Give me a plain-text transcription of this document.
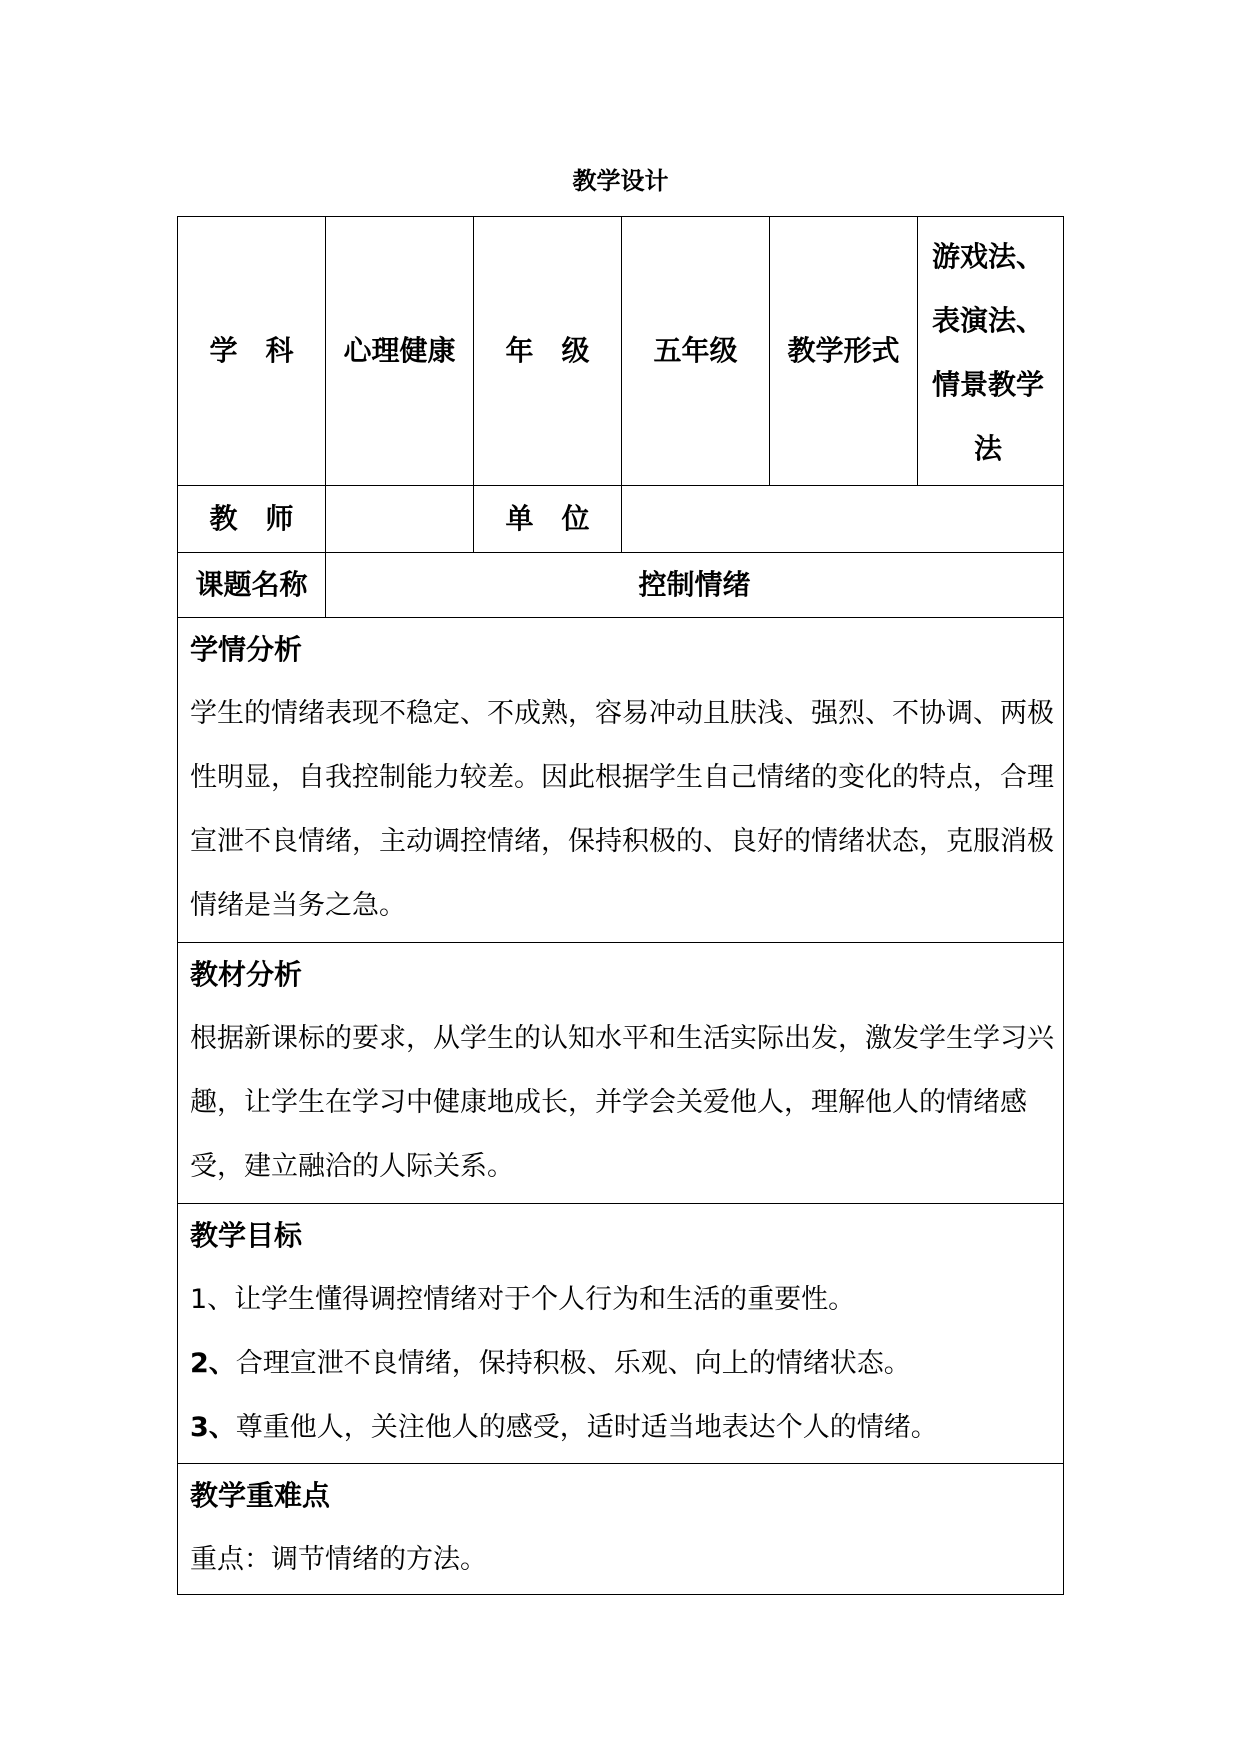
教学设计
学　科	心理健康	年　级	五年级	教学形式	游戏法、
表演法、
情景教学
法

教　师		单　位			
课题名称	控制情绪				

学情分析
学生的情绪表现不稳定、不成熟，容易冲动且肤浅、强烈、不协调、两极性明显，自我控制能力较差。因此根据学生自己情绪的变化的特点，合理宣泄不良情绪，主动调控情绪，保持积极的、良好的情绪状态，克服消极情绪是当务之急。					

教材分析
根据新课标的要求，从学生的认知水平和生活实际出发，激发学生学习兴趣，让学生在学习中健康地成长，并学会关爱他人，理解他人的情绪感受，建立融洽的人际关系。					

教学目标
1、让学生懂得调控情绪对于个人行为和生活的重要性。
2、合理宣泄不良情绪，保持积极、乐观、向上的情绪状态。
3、尊重他人，关注他人的感受，适时适当地表达个人的情绪。					

教学重难点
重点：调节情绪的方法。					
